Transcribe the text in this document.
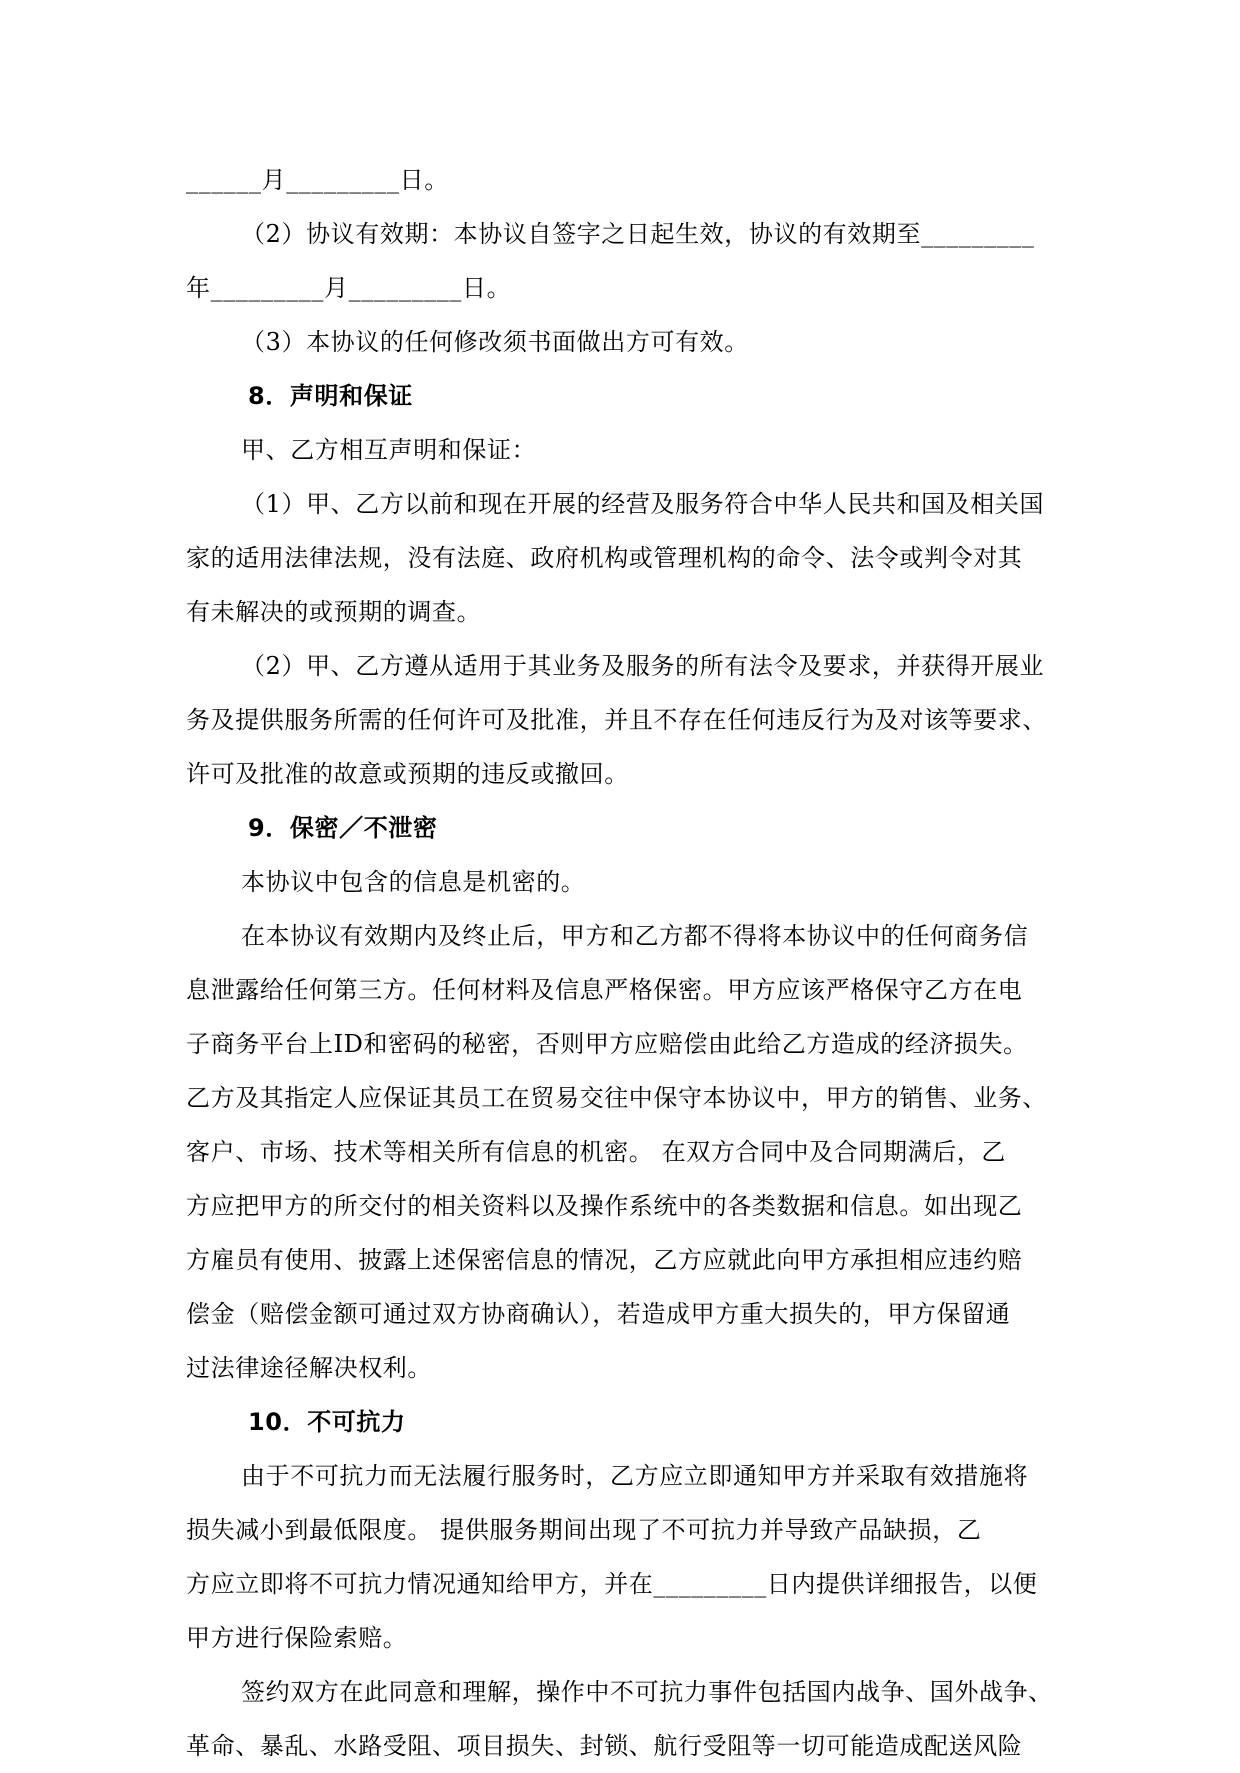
______月_________日。
（2）协议有效期：本协议自签字之日起生效，协议的有效期至_________
年_________月_________日。
（3）本协议的任何修改须书面做出方可有效。
8．声明和保证
甲、乙方相互声明和保证：
（1）甲、乙方以前和现在开展的经营及服务符合中华人民共和国及相关国
家的适用法律法规，没有法庭、政府机构或管理机构的命令、法令或判令对其
有未解决的或预期的调查。
（2）甲、乙方遵从适用于其业务及服务的所有法令及要求，并获得开展业
务及提供服务所需的任何许可及批准，并且不存在任何违反行为及对该等要求、
许可及批准的故意或预期的违反或撤回。
9．保密／不泄密
本协议中包含的信息是机密的。
在本协议有效期内及终止后，甲方和乙方都不得将本协议中的任何商务信
息泄露给任何第三方。任何材料及信息严格保密。甲方应该严格保守乙方在电
子商务平台上ID和密码的秘密，否则甲方应赔偿由此给乙方造成的经济损失。
乙方及其指定人应保证其员工在贸易交往中保守本协议中，甲方的销售、业务、
客户、市场、技术等相关所有信息的机密。 在双方合同中及合同期满后，乙
方应把甲方的所交付的相关资料以及操作系统中的各类数据和信息。如出现乙
方雇员有使用、披露上述保密信息的情况，乙方应就此向甲方承担相应违约赔
偿金（赔偿金额可通过双方协商确认），若造成甲方重大损失的，甲方保留通
过法律途径解决权利。
10．不可抗力
由于不可抗力而无法履行服务时，乙方应立即通知甲方并采取有效措施将
损失减小到最低限度。 提供服务期间出现了不可抗力并导致产品缺损，乙
方应立即将不可抗力情况通知给甲方，并在_________日内提供详细报告，以便
甲方进行保险索赔。
签约双方在此同意和理解，操作中不可抗力事件包括国内战争、国外战争、
革命、暴乱、水路受阻、项目损失、封锁、航行受阻等一切可能造成配送风险
